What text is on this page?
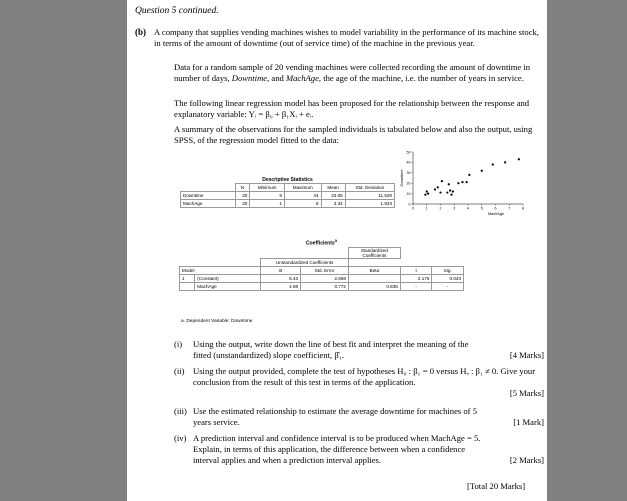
Question 5 continued.
(b) A company that supplies vending machines wishes to model variability in the performance of its machine stock, in terms of the amount of downtime (out of service time) of the machine in the previous year.
Data for a random sample of 20 vending machines were collected recording the amount of downtime in number of days, Downtime, and MachAge, the age of the machine, i.e. the number of years in service.
The following linear regression model has been proposed for the relationship between the response and explanatory variable: Yᵢ = β₀ + β₁Xᵢ + eᵢ.
A summary of the observations for the sampled individuals is tabulated below and also the output, using SPSS, of the regression model fitted to the data:
Descriptive Statistics					
	N	Minimum	Maximum	Mean	Std. Deviation
Downtime	20	9	44	23.05	11.528
MachAge	20	1	8	3.34	1.933	0
10
20
30
40
50
0	1	2	3	4	5	6	7	8
MachAge
Downtime
Coefficients$^a$
				Standardized Coefficients		
		Unstandardized Coefficients				
Model		B	Std. Error	Beta	t	Sig.
1	(Constant)	6.43	2.958		2.175	0.043
	MachAge	4.98	0.772	0.835	-	-
a. Dependent Variable: Downtime
(i) Using the output, write down the line of best fit and interpret the meaning of the fitted (unstandardized) slope coefficient, β̂₁.	[4 Marks]
(ii) Using the output provided, complete the test of hypotheses H₀ : β₁ = 0 versus Hₐ : β₁ ≠ 0. Give your conclusion from the result of this test in terms of the application.
[5 Marks]
(iii) Use the estimated relationship to estimate the average downtime for machines of 5 years service.	[1 Mark]
(iv) A prediction interval and confidence interval is to be produced when MachAge = 5. Explain, in terms of this application, the difference between when a confidence interval applies and when a prediction interval applies.	[2 Marks]
[Total 20 Marks]
